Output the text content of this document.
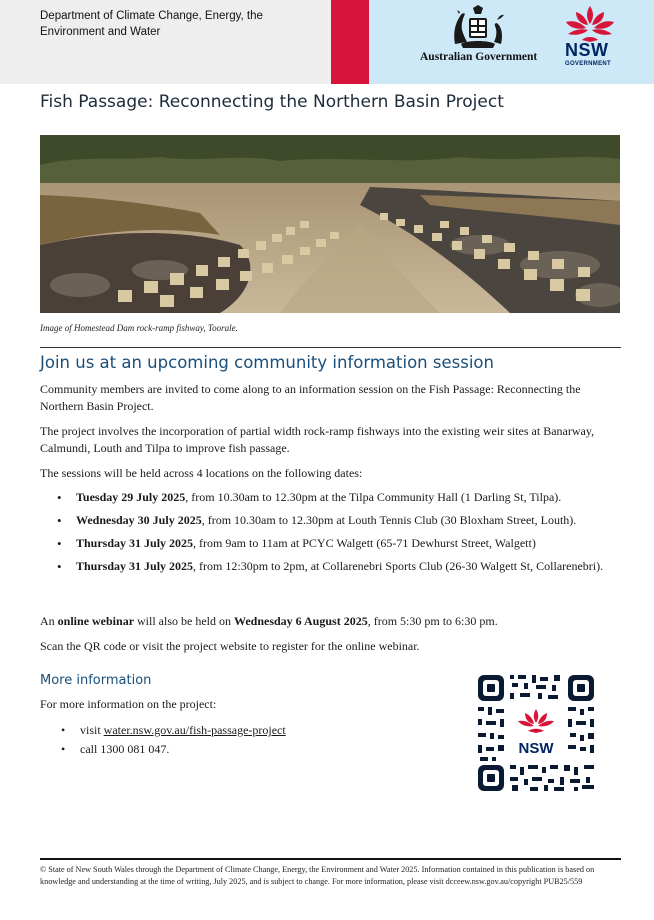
Department of Climate Change, Energy, the Environment and Water
Australian Government NSW
GOVERNMENT
Fish Passage: Reconnecting the Northern Basin Project
Image of Homestead Dam rock-ramp fishway, Toorale.
Join us at an upcoming community information session

Community members are invited to come along to an information session on the Fish Passage: Reconnecting the Northern Basin Project.

The project involves the incorporation of partial width rock-ramp fishways into the existing weir sites at Banarway, Calmundi, Louth and Tilpa to improve fish passage.

The sessions will be held across 4 locations on the following dates:

• Tuesday 29 July 2025, from 10.30am to 12.30pm at the Tilpa Community Hall (1 Darling St, Tilpa).
• Wednesday 30 July 2025, from 10.30am to 12.30pm at Louth Tennis Club (30 Bloxham Street, Louth).
• Thursday 31 July 2025, from 9am to 11am at PCYC Walgett (65-71 Dewhurst Street, Walgett)
• Thursday 31 July 2025, from 12:30pm to 2pm, at Collarenebri Sports Club (26-30 Walgett St, Collarenebri).

An online webinar will also be held on Wednesday 6 August 2025, from 5:30 pm to 6:30 pm.

Scan the QR code or visit the project website to register for the online webinar.

More information

For more information on the project:

• visit water.nsw.gov.au/fish-passage-project
• call 1300 081 047.	NSW
© State of New South Wales through the Department of Climate Change, Energy, the Environment and Water 2025. Information contained in this publication is based on knowledge and understanding at the time of writing, July 2025, and is subject to change. For more information, please visit dcceew.nsw.gov.au/copyright PUB25/559
